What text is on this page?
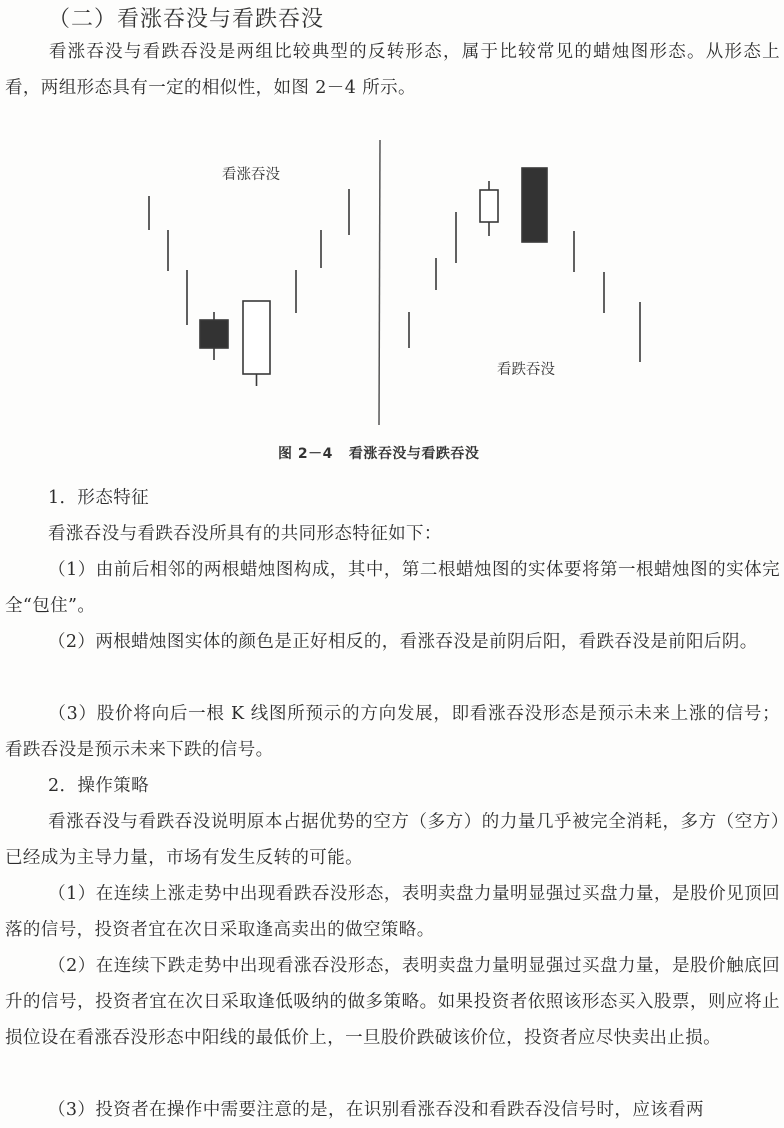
（二）看涨吞没与看跌吞没
看涨吞没与看跌吞没是两组比较典型的反转形态，属于比较常见的蜡烛图形态。从形态上看，两组形态具有一定的相似性，如图 2－4 所示。
看涨吞没
看跌吞没
图 2－4 看涨吞没与看跌吞没
1．形态特征
看涨吞没与看跌吞没所具有的共同形态特征如下：
（1）由前后相邻的两根蜡烛图构成，其中，第二根蜡烛图的实体要将第一根蜡烛图的实体完全“包住”。
（2）两根蜡烛图实体的颜色是正好相反的，看涨吞没是前阴后阳，看跌吞没是前阳后阴。
（3）股价将向后一根 K 线图所预示的方向发展，即看涨吞没形态是预示未来上涨的信号；看跌吞没是预示未来下跌的信号。
2．操作策略
看涨吞没与看跌吞没说明原本占据优势的空方（多方）的力量几乎被完全消耗，多方（空方）已经成为主导力量，市场有发生反转的可能。
（1）在连续上涨走势中出现看跌吞没形态，表明卖盘力量明显强过买盘力量，是股价见顶回落的信号，投资者宜在次日采取逢高卖出的做空策略。
（2）在连续下跌走势中出现看涨吞没形态，表明卖盘力量明显强过买盘力量，是股价触底回升的信号，投资者宜在次日采取逢低吸纳的做多策略。如果投资者依照该形态买入股票，则应将止损位设在看涨吞没形态中阳线的最低价上，一旦股价跌破该价位，投资者应尽快卖出止损。
（3）投资者在操作中需要注意的是，在识别看涨吞没和看跌吞没信号时，应该看两
